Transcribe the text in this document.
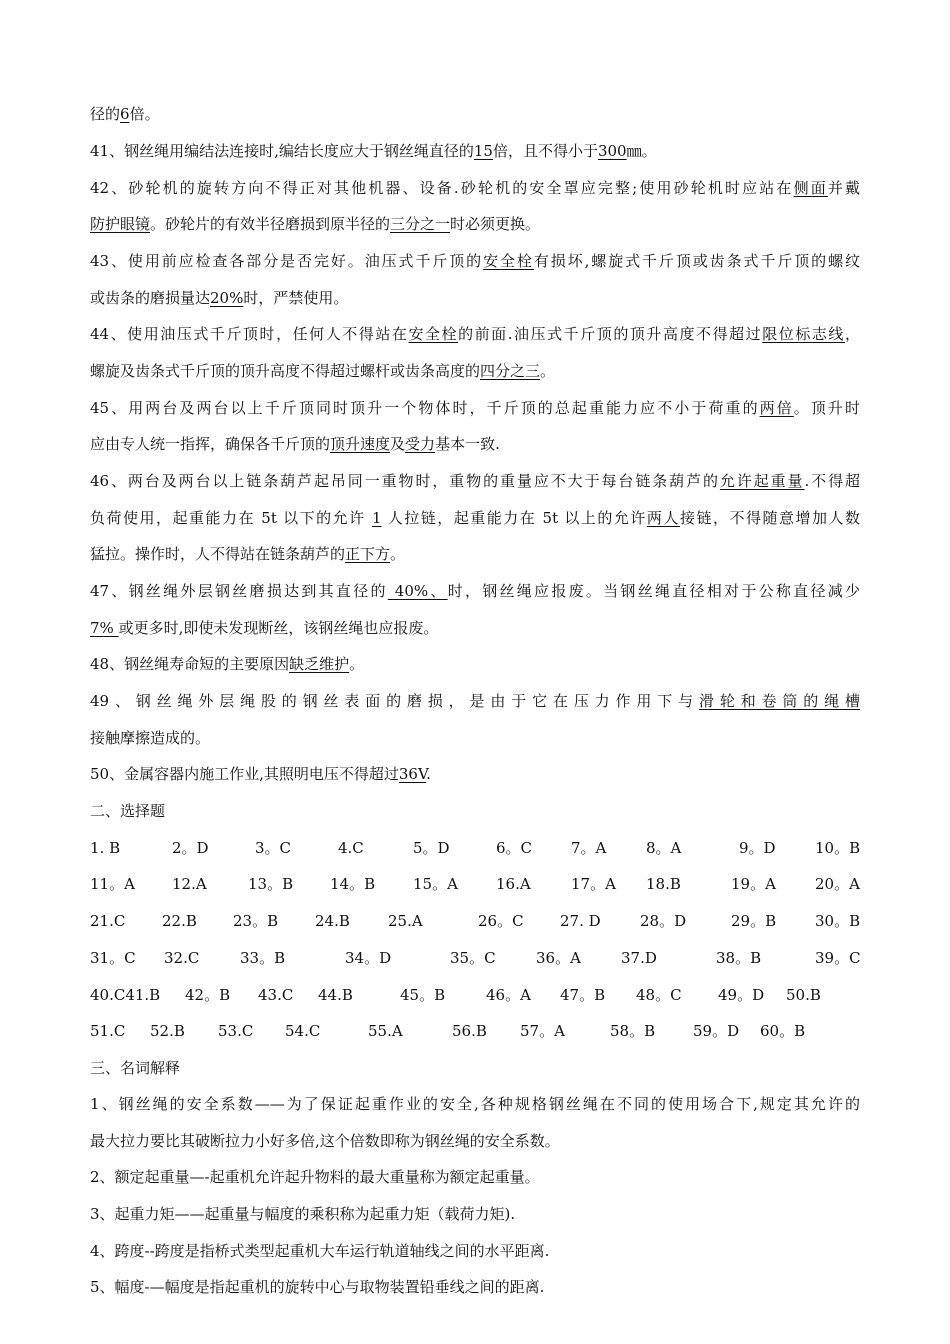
径的6倍。
41、钢丝绳用编结法连接时,编结长度应大于钢丝绳直径的15倍，且不得小于300㎜。
42、砂轮机的旋转方向不得正对其他机器、设备.砂轮机的安全罩应完整;使用砂轮机时应站在侧面并戴
防护眼镜。砂轮片的有效半径磨损到原半径的三分之一时必须更换。
43、使用前应检查各部分是否完好。油压式千斤顶的安全栓有损坏,螺旋式千斤顶或齿条式千斤顶的螺纹
或齿条的磨损量达20%时，严禁使用。
44、使用油压式千斤顶时，任何人不得站在安全栓的前面.油压式千斤顶的顶升高度不得超过限位标志线，
螺旋及齿条式千斤顶的顶升高度不得超过螺杆或齿条高度的四分之三。
45、用两台及两台以上千斤顶同时顶升一个物体时，千斤顶的总起重能力应不小于荷重的两倍。顶升时
应由专人统一指挥，确保各千斤顶的顶升速度及受力基本一致.
46、两台及两台以上链条葫芦起吊同一重物时，重物的重量应不大于每台链条葫芦的允许起重量.不得超
负荷使用，起重能力在 5t 以下的允许 1 人拉链，起重能力在 5t 以上的允许两人接链，不得随意增加人数
猛拉。操作时，人不得站在链条葫芦的正下方。
47、钢丝绳外层钢丝磨损达到其直径的 40%、时，钢丝绳应报废。当钢丝绳直径相对于公称直径减少
7% 或更多时,即使未发现断丝，该钢丝绳也应报废。
48、钢丝绳寿命短的主要原因缺乏维护。
49、钢丝绳外层绳股的钢丝表面的磨损，是由于它在压力作用下与滑轮和卷筒的绳槽
接触摩擦造成的。
50、金属容器内施工作业,其照明电压不得超过36V.
二、选择题
1. B	2。D	3。C	4.C	5。D	6。C	7。A	8。A	9。D	10。B
11。A 12.A	13。B 14。B	15。A	16.A	17。A 18.B	19。A	20。A
21.C 22.B 23。B 24.B	25.A	26。C 27. D	28。D	29。B	30。B
31。C 32.C	33。B	34。D	35。C	36。A	37.D	38。B	39。C
40.C41.B 42。B 43.C 44.B	45。B	46。A 47。B 48。C 49。D 50.B
51.C 52.B 53.C 54.C	55.A	56.B 57。A	58。B	59。D 60。B
三、名词解释
1、钢丝绳的安全系数——为了保证起重作业的安全,各种规格钢丝绳在不同的使用场合下,规定其允许的
最大拉力要比其破断拉力小好多倍,这个倍数即称为钢丝绳的安全系数。
2、额定起重量—-起重机允许起升物料的最大重量称为额定起重量。
3、起重力矩——起重量与幅度的乘积称为起重力矩（载荷力矩).
4、跨度--跨度是指桥式类型起重机大车运行轨道轴线之间的水平距离.
5、幅度-—幅度是指起重机的旋转中心与取物装置铅垂线之间的距离.
